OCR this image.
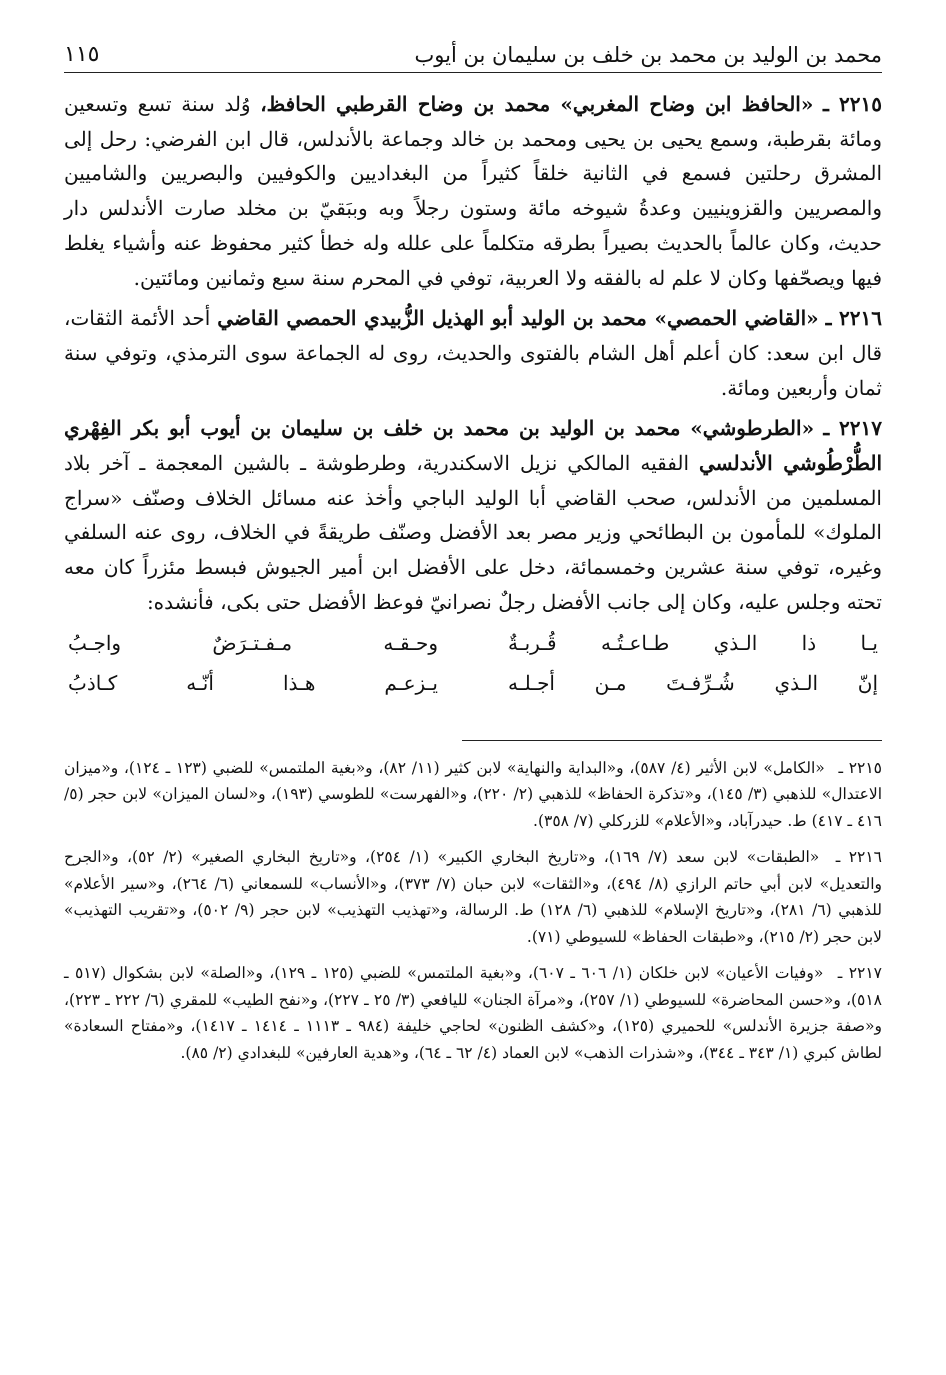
محمد بن الوليد بن محمد بن خلف بن سليمان بن أيوب
١١٥

٢٢١٥ ـ «الحافظ ابن وضاح المغربي» محمد بن وضاح القرطبي الحافظ، وُلد سنة تسع وتسعين ومائة بقرطبة، وسمع يحيى بن يحيى ومحمد بن خالد وجماعة بالأندلس، قال ابن الفرضي: رحل إلى المشرق رحلتين فسمع في الثانية خلقاً كثيراً من البغداديين والكوفيين والبصريين والشاميين والمصريين والقزوينيين وعدةُ شيوخه مائة وستون رجلاً وبه وببَقيّ بن مخلد صارت الأندلس دار حديث، وكان عالماً بالحديث بصيراً بطرقه متكلماً على علله وله خطأ كثير محفوظ عنه وأشياء يغلط فيها ويصحّفها وكان لا علم له بالفقه ولا العربية، توفي في المحرم سنة سبع وثمانين ومائتين.

٢٢١٦ ـ «القاضي الحمصي» محمد بن الوليد أبو الهذيل الزُّبيدي الحمصي القاضي أحد الأئمة الثقات، قال ابن سعد: كان أعلم أهل الشام بالفتوى والحديث، روى له الجماعة سوى الترمذي، وتوفي سنة ثمان وأربعين ومائة.

٢٢١٧ ـ «الطرطوشي» محمد بن الوليد بن محمد بن خلف بن سليمان بن أيوب أبو بكر الفِهْري الطُّرْطُوشي الأندلسي الفقيه المالكي نزيل الاسكندرية، وطرطوشة ـ بالشين المعجمة ـ آخر بلاد المسلمين من الأندلس، صحب القاضي أبا الوليد الباجي وأخذ عنه مسائل الخلاف وصنّف «سراج الملوك» للمأمون بن البطائحي وزير مصر بعد الأفضل وصنّف طريقةً في الخلاف، روى عنه السلفي وغيره، توفي سنة عشرين وخمسمائة، دخل على الأفضل ابن أمير الجيوش فبسط مئزراً كان معه تحته وجلس عليه، وكان إلى جانب الأفضل رجلٌ نصرانيّ فوعظ الأفضل حتى بكى، فأنشده:

يـا ذا الـذي طـاعـتُـه قُـربـةٌ
وحـقـه مـفـتـرَضٌ واجـبُ
إنّ الـذي شُـرِّفـتَ مـن أجـلـه
يـزعـم هـذا أنّـه كـاذبُ

٢٢١٥ ـ «الكامل» لابن الأثير (٤/ ٥٨٧)، و«البداية والنهاية» لابن كثير (١١/ ٨٢)، و«بغية الملتمس» للضبي (١٢٣ ـ ١٢٤)، و«ميزان الاعتدال» للذهبي (٣/ ١٤٥)، و«تذكرة الحفاظ» للذهبي (٢/ ٢٢٠)، و«الفهرست» للطوسي (١٩٣)، و«لسان الميزان» لابن حجر (٥/ ٤١٦ ـ ٤١٧) ط. حيدرآباد، و«الأعلام» للزركلي (٧/ ٣٥٨).

٢٢١٦ ـ «الطبقات» لابن سعد (٧/ ١٦٩)، و«تاريخ البخاري الكبير» (١/ ٢٥٤)، و«تاريخ البخاري الصغير» (٢/ ٥٢)، و«الجرح والتعديل» لابن أبي حاتم الرازي (٨/ ٤٩٤)، و«الثقات» لابن حبان (٧/ ٣٧٣)، و«الأنساب» للسمعاني (٦/ ٢٦٤)، و«سير الأعلام» للذهبي (٦/ ٢٨١)، و«تاريخ الإسلام» للذهبي (٦/ ١٢٨) ط. الرسالة، و«تهذيب التهذيب» لابن حجر (٩/ ٥٠٢)، و«تقريب التهذيب» لابن حجر (٢/ ٢١٥)، و«طبقات الحفاظ» للسيوطي (٧١).

٢٢١٧ ـ «وفيات الأعيان» لابن خلكان (١/ ٦٠٦ ـ ٦٠٧)، و«بغية الملتمس» للضبي (١٢٥ ـ ١٢٩)، و«الصلة» لابن بشكوال (٥١٧ ـ ٥١٨)، و«حسن المحاضرة» للسيوطي (١/ ٢٥٧)، و«مرآة الجنان» لليافعي (٣/ ٢٥ ـ ٢٢٧)، و«نفح الطيب» للمقري (٦/ ٢٢٢ ـ ٢٢٣)، و«صفة جزيرة الأندلس» للحميري (١٢٥)، و«كشف الظنون» لحاجي خليفة (٩٨٤ ـ ١١١٣ ـ ١٤١٤ ـ ١٤١٧)، و«مفتاح السعادة» لطاش كبري (١/ ٣٤٣ ـ ٣٤٤)، و«شذرات الذهب» لابن العماد (٤/ ٦٢ ـ ٦٤)، و«هدية العارفين» للبغدادي (٢/ ٨٥).
